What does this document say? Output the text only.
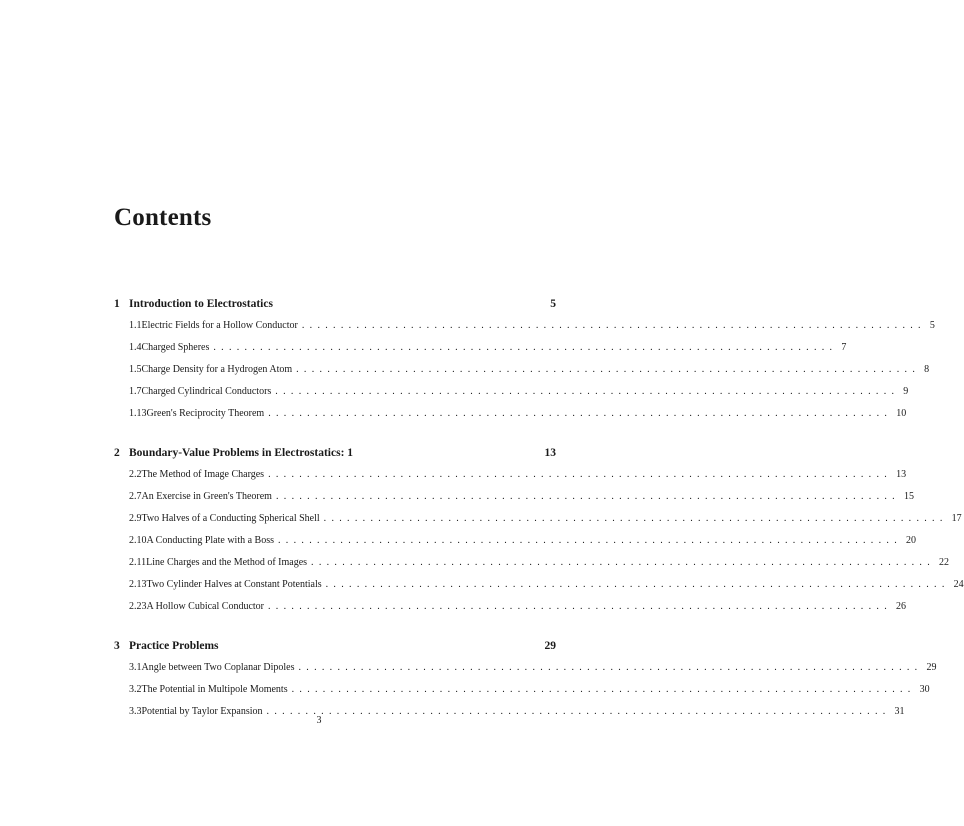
Contents
1 Introduction to Electrostatics	5
1.1 Electric Fields for a Hollow Conductor ................................................................................ 5
1.4 Charged Spheres ................................................................................ 7
1.5 Charge Density for a Hydrogen Atom ................................................................................ 8
1.7 Charged Cylindrical Conductors ................................................................................ 9
1.13 Green's Reciprocity Theorem ................................................................................ 10
2 Boundary-Value Problems in Electrostatics: 1	13
2.2 The Method of Image Charges ................................................................................ 13
2.7 An Exercise in Green's Theorem ................................................................................ 15
2.9 Two Halves of a Conducting Spherical Shell ................................................................................ 17
2.10 A Conducting Plate with a Boss ................................................................................ 20
2.11 Line Charges and the Method of Images ................................................................................ 22
2.13 Two Cylinder Halves at Constant Potentials ................................................................................ 24
2.23 A Hollow Cubical Conductor ................................................................................ 26
3 Practice Problems	29
3.1 Angle between Two Coplanar Dipoles ................................................................................ 29
3.2 The Potential in Multipole Moments ................................................................................ 30
3.3 Potential by Taylor Expansion ................................................................................ 31
3
